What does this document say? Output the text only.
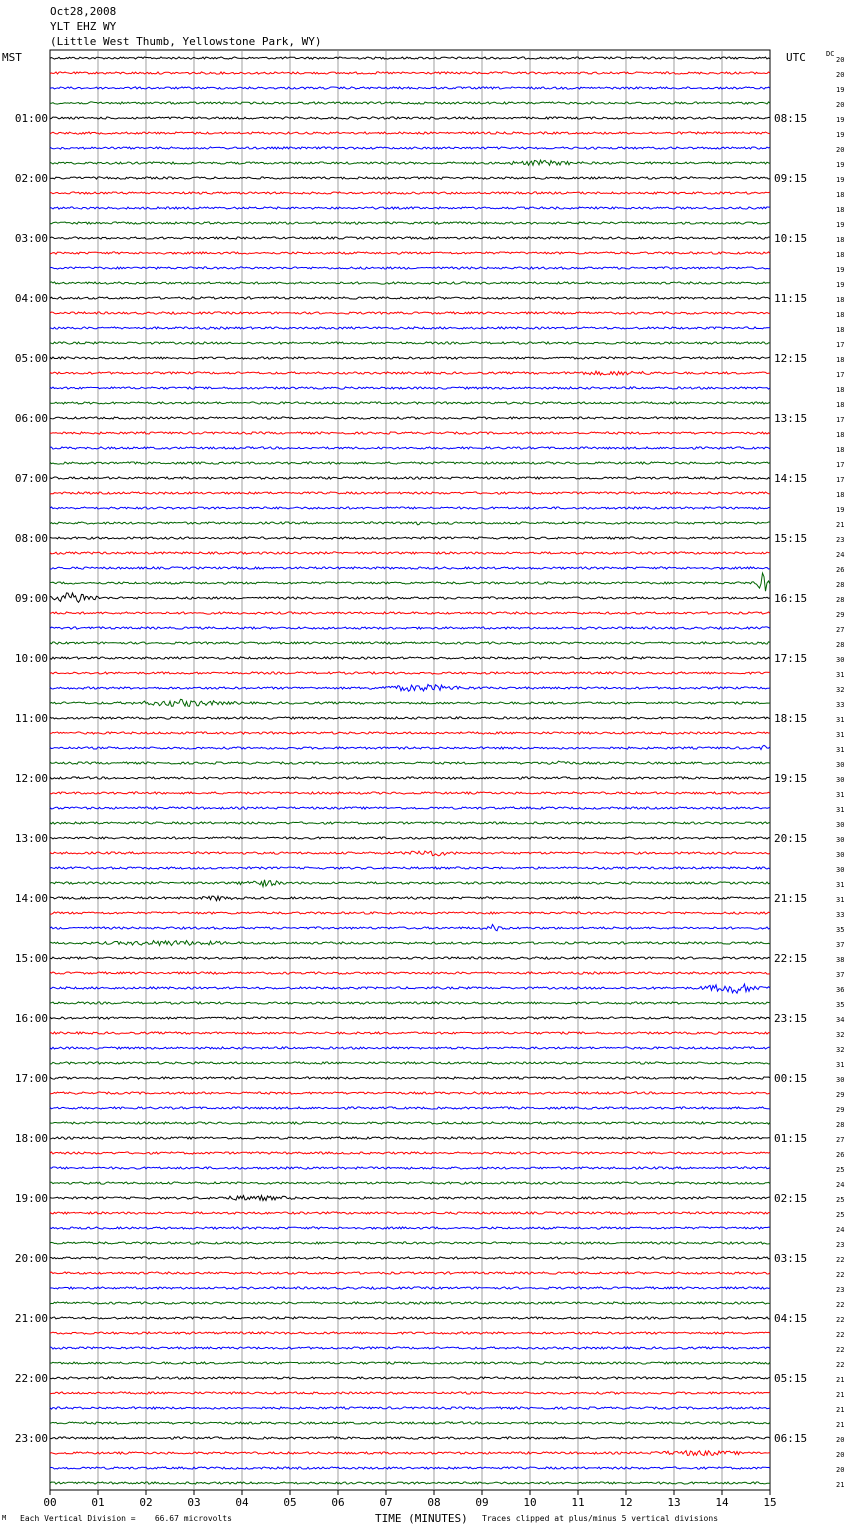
Oct28,2008
YLT EHZ WY
(Little West Thumb, Yellowstone Park, WY)
MST	UTC	DC
00	01	02	03	04	05	06	07	08	09	10	11	12	13	14	15
20
20
19
20
19
19
20
19
19
18
18
19
18
18
19
19
18
18
18
17
18
17
18
18
17
18
18
17
17
18
19
21
23
24
26
28
28
29
27
28
30
31
32
33
31
31
31
30
30
31
31
30
30
30
30
31
31
33
35
37
38
37
36
35
34
32
32
31
30
29
29
28
27
26
25
24
25
25
24
23
22
22
23
22
22
22
22
22
21
21
21
21
20
20
20
21
01:00
02:00
03:00
04:00
05:00
06:00
07:00
08:00
09:00
10:00
11:00
12:00
13:00
14:00
15:00
16:00
17:00
18:00
19:00
20:00
21:00
22:00
23:00
08:15
09:15
10:15
11:15
12:15
13:15
14:15
15:15
16:15
17:15
18:15
19:15
20:15
21:15
22:15
23:15
00:15
01:15
02:15
03:15
04:15
05:15
06:15
M Each Vertical Division =    66.67 microvolts	TIME (MINUTES) Traces clipped at plus/minus 5 vertical divisions
